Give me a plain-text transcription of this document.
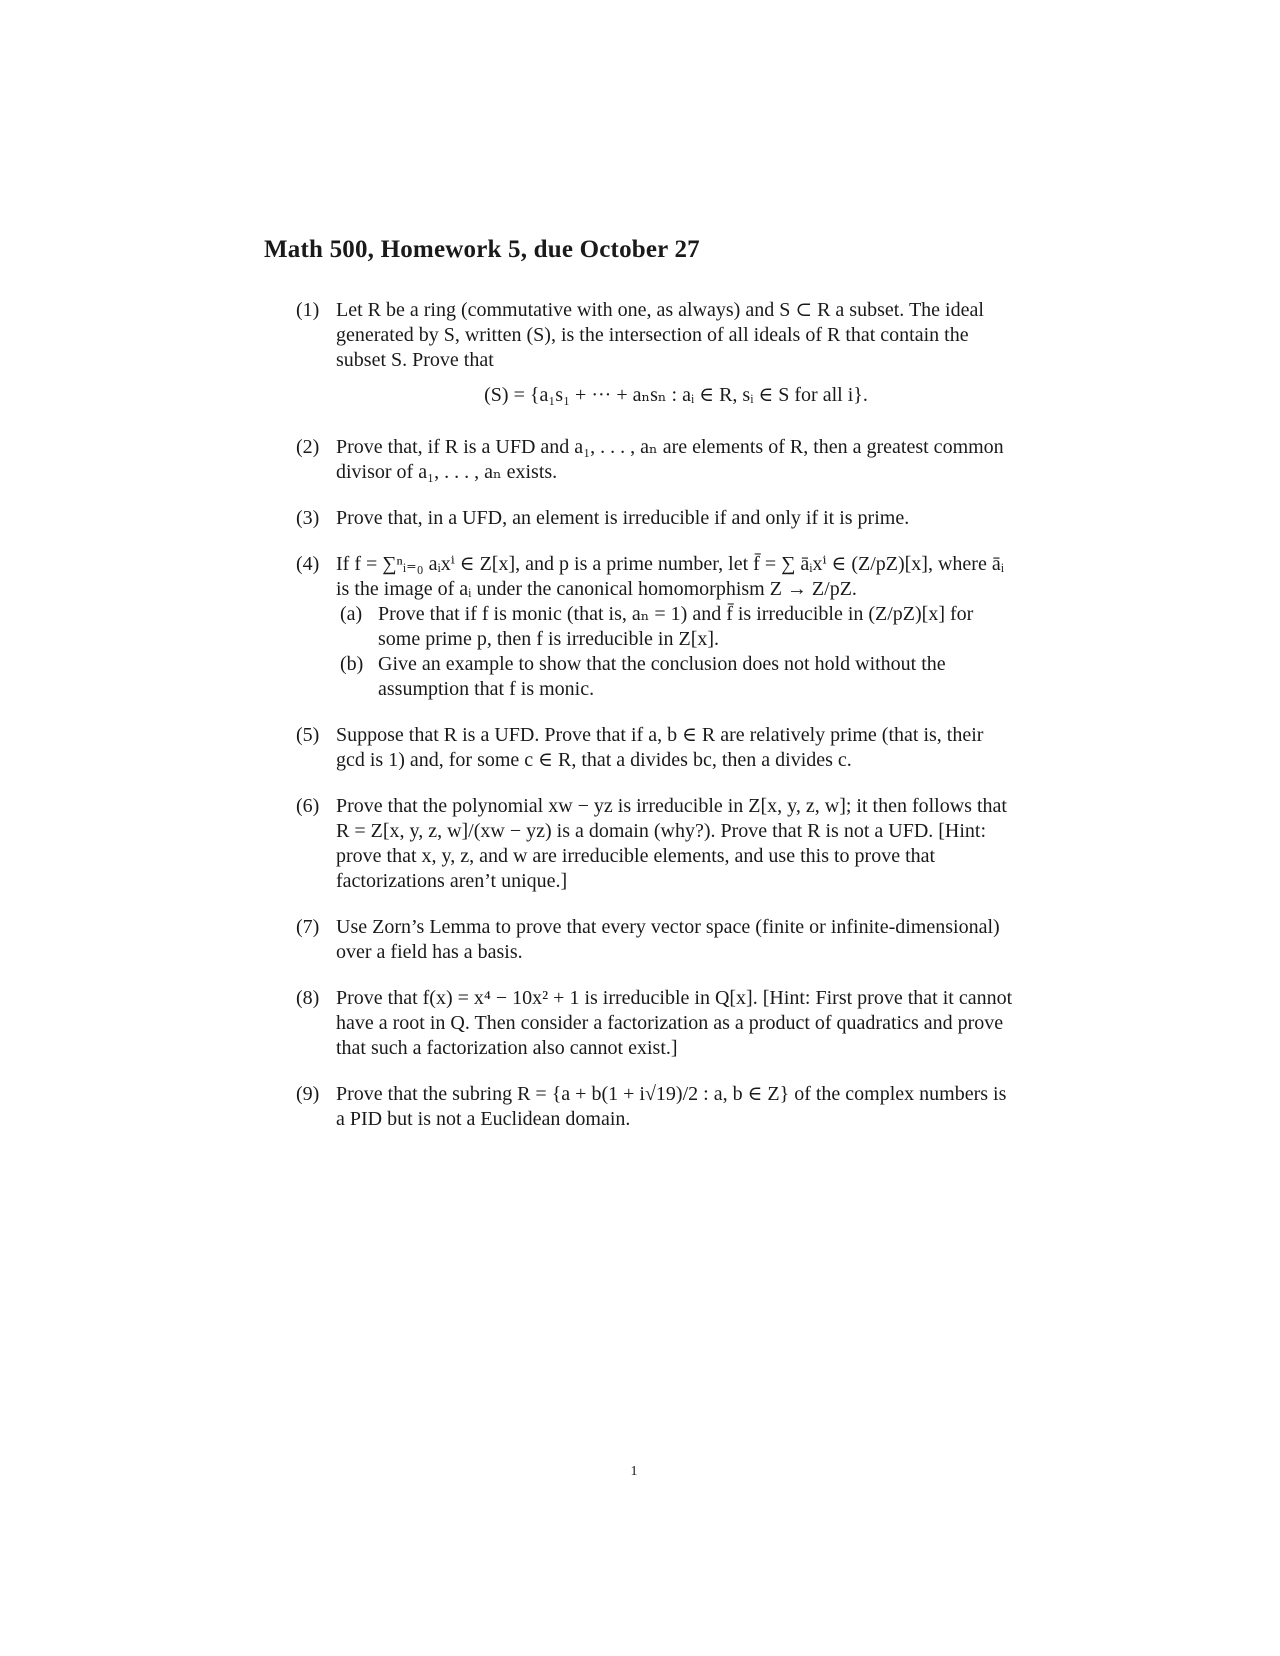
Math 500, Homework 5, due October 27
(1) Let R be a ring (commutative with one, as always) and S ⊂ R a subset. The ideal generated by S, written (S), is the intersection of all ideals of R that contain the subset S. Prove that
(S) = {a₁s₁ + ··· + aₙsₙ : aᵢ ∈ R, sᵢ ∈ S for all i}.
(2) Prove that, if R is a UFD and a₁, . . . , aₙ are elements of R, then a greatest common divisor of a₁, . . . , aₙ exists.
(3) Prove that, in a UFD, an element is irreducible if and only if it is prime.
(4) If f = ∑ⁿᵢ₌₀ aᵢxⁱ ∈ Z[x], and p is a prime number, let f̄ = ∑ āᵢxⁱ ∈ (Z/pZ)[x], where āᵢ is the image of aᵢ under the canonical homomorphism Z → Z/pZ.
(a) Prove that if f is monic (that is, aₙ = 1) and f̄ is irreducible in (Z/pZ)[x] for some prime p, then f is irreducible in Z[x].
(b) Give an example to show that the conclusion does not hold without the assumption that f is monic.
(5) Suppose that R is a UFD. Prove that if a, b ∈ R are relatively prime (that is, their gcd is 1) and, for some c ∈ R, that a divides bc, then a divides c.
(6) Prove that the polynomial xw − yz is irreducible in Z[x, y, z, w]; it then follows that R = Z[x, y, z, w]/(xw − yz) is a domain (why?). Prove that R is not a UFD. [Hint: prove that x, y, z, and w are irreducible elements, and use this to prove that factorizations aren’t unique.]
(7) Use Zorn’s Lemma to prove that every vector space (finite or infinite-dimensional) over a field has a basis.
(8) Prove that f(x) = x⁴ − 10x² + 1 is irreducible in Q[x]. [Hint: First prove that it cannot have a root in Q. Then consider a factorization as a product of quadratics and prove that such a factorization also cannot exist.]
(9) Prove that the subring R = {a + b(1 + i√19)/2 : a, b ∈ Z} of the complex numbers is a PID but is not a Euclidean domain.
1
